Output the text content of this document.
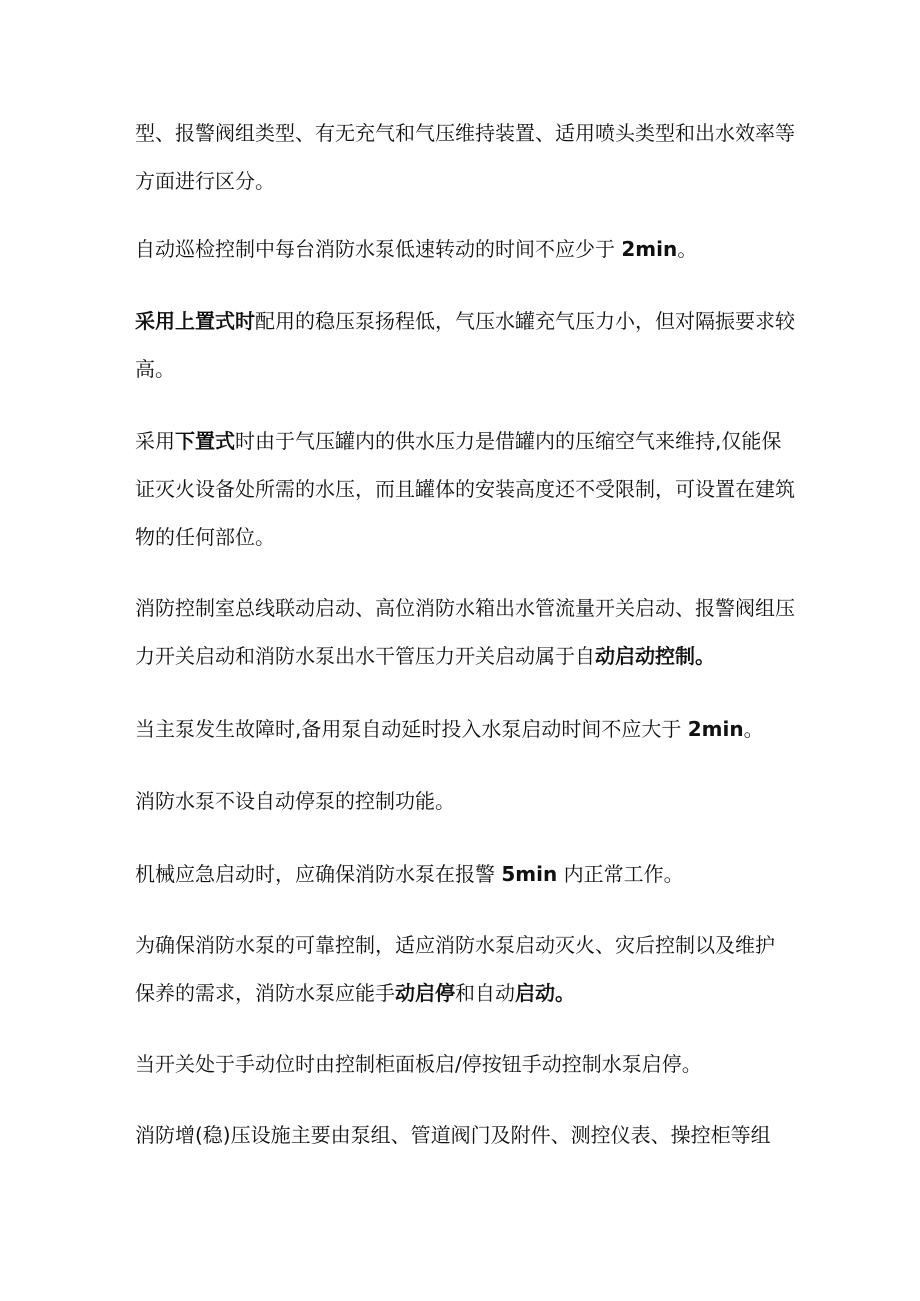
型、报警阀组类型、有无充气和气压维持装置、适用喷头类型和出水效率等
方面进行区分。
自动巡检控制中每台消防水泵低速转动的时间不应少于 2min。
采用上置式时配用的稳压泵扬程低，气压水罐充气压力小，但对隔振要求较
高。
采用下置式时由于气压罐内的供水压力是借罐内的压缩空气来维持,仅能保
证灭火设备处所需的水压，而且罐体的安装高度还不受限制，可设置在建筑
物的任何部位。
消防控制室总线联动启动、高位消防水箱出水管流量开关启动、报警阀组压
力开关启动和消防水泵出水干管压力开关启动属于自动启动控制。
当主泵发生故障时,备用泵自动延时投入水泵启动时间不应大于 2min。
消防水泵不设自动停泵的控制功能。
机械应急启动时，应确保消防水泵在报警 5min 内正常工作。
为确保消防水泵的可靠控制，适应消防水泵启动灭火、灾后控制以及维护
保养的需求，消防水泵应能手动启停和自动启动。
当开关处于手动位时由控制柜面板启/停按钮手动控制水泵启停。
消防增(稳)压设施主要由泵组、管道阀门及附件、测控仪表、操控柜等组
